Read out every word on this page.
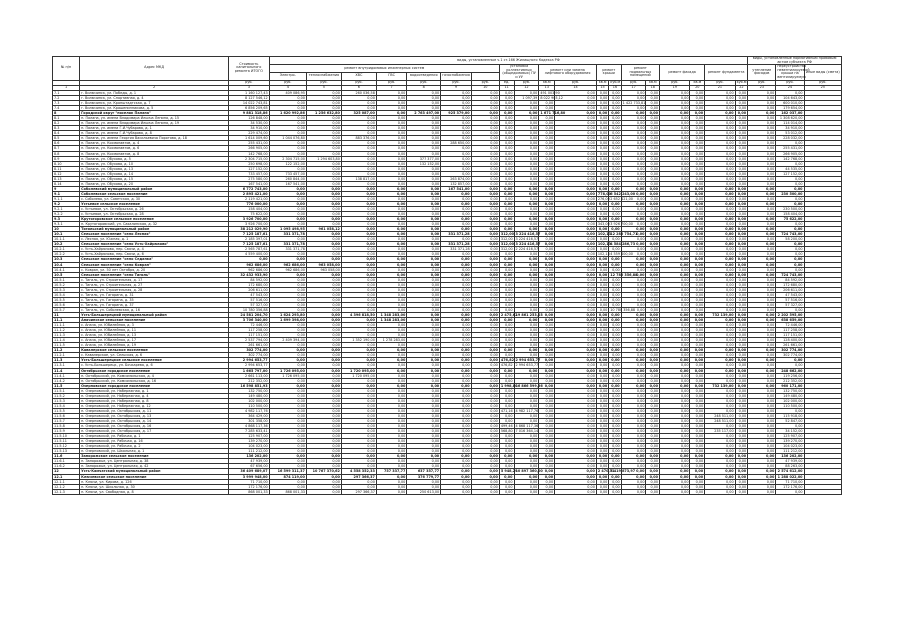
№ п/п	Адрес МКД	Стоимость капитального ремонта ИТОГО	виды, установленные ч.1 ст.166 Жилищного Кодекса РФ																			виды, установленные нормативным правовым актом субъекта РФ		
			ремонт внутридомовых инженерных систем							установка коллективных (общедомовых) ПУ и УУ		ремонт или замена лифтового оборудования		ремонт крыши		ремонт подвальных помещений		ремонт фасада		ремонт фундамента		утепление фасадов	переустройство невентилируемой крыши на вентилируемую	иные виды (смета)
			Электро-	теплоснабжения	ХВС	ГВС	водоотведения	газоснабжения																
		руб.	руб.	руб.	руб.	руб.	руб.	руб.	руб.	ед.	руб.	кв.м	руб.	кв.м	куб.м	руб.	кв.м	руб.	кв.м	руб.	куб.м	руб.	руб.	руб.
1	2	3	4	5	6	7	8	9	10	11	12	13	14	15	16	17	18	19	20	21	22	23	24	25
7.1	г. Вилючинск, ул. Победы, д. 1	1 160 127,43	409 086,95	0,00	260 036,58	0,00	0,00	0,00	0,00	0,00	0,00	491 003,90	0,00	0,00	0,00	0,00	0,00	0,00	0,00	0,00	0,00	0,00	0,00	
7.2	г. Вилючинск, ул. Спортивная, д. 4	8 127 546,12	0,00	0,00	0,00	0,00	0,00	0,00	0,00	0,00	1 097,39	8 022 903,12	0,00	0,00	0,00	0,00	0,00	0,00	0,00	0,00	0,00	0,00	104 643,00	
7.3	г. Вилючинск, ул. Кронштадтская, д. 7	14 022 743,81	0,00	0,00	0,00	0,00	0,00	0,00	0,00	0,00	0,00	0,00	0,00	0,00	0,00	1 422 733,81	0,00	0,00	0,00	0,00	0,00	0,00	600 010,00	
7.4	г. Вилючинск, ул. Крашенинникова, д. 5	6 856 209,65	0,00	0,00	0,00	0,00	0,00	0,00	0,00	0,00	0,00	0,00	0,00	0,00	0,00	0,00	0,00	0,00	0,00	0,00	0,00	0,00	179 654,00	
8	Городской округ "поселок Палана"	9 881 318,86	1 620 992,86	1 256 632,80	325 087,00	0,00	2 763 497,00	925 379,00	0,00	0,00	0,00	1 671 716,80	0,00	0,00	0,00	0,00	0,00	0,00	0,00	0,00	0,00	0,00	162 037,00	
8.1	п. Палана, ул. имени Владимира Ильича Ленина, д. 15	126 848,00	0,00	0,00	0,00	0,00	0,00	0,00	0,00	0,00	0,00	0,00	0,00	0,00	0,00	0,00	0,00	0,00	0,00	0,00	0,00	0,00	1 308 620,00	
8.2	п. Палана, ул. имени Владимира Ильича Ленина, д. 19	34 530,00	0,00	0,00	0,00	0,00	0,00	0,00	0,00	0,00	0,00	0,00	0,00	0,00	0,00	0,00	0,00	0,00	0,00	0,00	0,00	0,00	114 014,00	
8.3	п. Палана, ул. имени Г.И.Чубарова, д. 1	34 910,00	0,00	0,00	0,00	0,00	0,00	0,00	0,00	0,00	0,00	0,00	0,00	0,00	0,00	0,00	0,00	0,00	0,00	0,00	0,00	0,00	34 910,00	
8.4	п. Палана, ул. имени Г.И.Чубарова, д. 8	229 474,00	0,00	0,00	0,00	0,00	0,00	0,00	0,00	0,00	0,00	0,00	0,00	0,00	0,00	0,00	0,00	0,00	0,00	0,00	0,00	0,00	53 012,00	
8.5	п. Палана, ул. имени Георгия Васильевича Поротова, д. 18	1 614 009,60	1 044 076,80	0,00	883 376,00	0,00	0,00	0,00	0,00	0,00	0,00	0,00	0,00	0,00	0,00	0,00	0,00	0,00	0,00	0,00	0,00	0,00	228 032,00	
8.6	п. Палана, ул. Космонавтов, д. 4	255 431,00	0,00	0,00	0,00	0,00	0,00	288 650,00	0,00	0,00	0,00	0,00	0,00	0,00	0,00	0,00	0,00	0,00	0,00	0,00	0,00	0,00	0,00	
8.7	п. Палана, ул. Космонавтов, д. 6	266 905,00	0,00	0,00	0,00	0,00	0,00	0,00	0,00	0,00	0,00	0,00	0,00	0,00	0,00	0,00	0,00	0,00	0,00	0,00	0,00	0,00	255 431,00	
8.8	п. Палана, ул. Космонавтов, д. 8	142 768,00	0,00	0,00	0,00	0,00	0,00	0,00	0,00	0,00	0,00	0,00	0,00	0,00	0,00	0,00	0,00	0,00	0,00	0,00	0,00	0,00	266 905,00	
8.9	п. Палана, ул. Обухова, д. 5	2 304 715,00	2 304 715,00	1 294 603,80	0,00	0,00	377 377,00	0,00	0,00	0,00	0,00	0,00	0,00	0,00	0,00	0,00	0,00	0,00	0,00	0,00	0,00	0,00	142 768,00	
8.10	п. Палана, ул. Обухова, д. 10	250 698,00	122 152,00	0,00	0,00	0,00	132 152,00	0,00	0,00	0,00	0,00	0,00	0,00	0,00	0,00	0,00	0,00	0,00	0,00	0,00	0,00	0,00	0,00	
8.11	п. Палана, ул. Обухова, д. 13	127 152,00	0,00	0,00	0,00	0,00	0,00	0,00	0,00	0,00	0,00	0,00	0,00	0,00	0,00	0,00	0,00	0,00	0,00	0,00	0,00	0,00	44 535,00	
8.12	п. Палана, ул. Обухова, д. 14	733 457,00	733 457,00	0,00	0,00	0,00	0,00	0,00	0,00	0,00	0,00	0,00	0,00	0,00	0,00	0,00	0,00	0,00	0,00	0,00	0,00	0,00	127 152,00	
8.13	п. Палана, ул. Обухова, д. 15	275 580,00	260 844,00	0,00	138 817,00	0,00	0,00	263 874,00	0,00	0,00	0,00	0,00	0,00	0,00	0,00	0,00	0,00	0,00	0,00	0,00	0,00	0,00	0,00	
8.14	п. Палана, ул. Обухова, д. 20	167 541,00	167 541,00	0,00	0,00	0,00	0,00	132 857,00	0,00	0,00	0,00	0,00	0,00	0,00	0,00	0,00	0,00	0,00	0,00	0,00	0,00	0,00	0,00	
9	Соболевский муниципальный район	6 772 743,00	0,00	0,00	0,00	0,00	0,00	167 541,00	0,00	0,00	0,00	0,00	0,00	0,00	0,00	0,00	0,00	0,00	0,00	0,00	0,00	0,00	0,00	
9.1	Соболевское сельское поселение	2 895 421,00	0,00	0,00	0,00	0,00	0,00	0,00	0,00	0,00	0,00	0,00	0,00	778,00	6 542 243,00	0,00	0,00	0,00	0,00	0,00	0,00	0,00	230 500,00	
9.1.1	с. Соболево, ул. Советская, д. 30	2 119 421,00	0,00	0,00	0,00	0,00	0,00	0,00	0,00	0,00	0,00	0,00	0,00	276,00	2 652 421,00	0,00	0,00	0,00	0,00	0,00	0,00	0,00	0,00	
9.2	Устьевое сельское поселение	776 000,00	0,00	0,00	0,00	0,00	0,00	0,00	0,00	0,00	0,00	0,00	0,00	0,00	0,00	0,00	0,00	0,00	0,00	0,00	0,00	0,00	0,00	
9.2.1	с. Устьевое, ул. Октябрьская, д. 26	158 404,00	0,00	0,00	0,00	0,00	0,00	0,00	0,00	0,00	0,00	0,00	0,00	0,00	0,00	0,00	0,00	0,00	0,00	0,00	0,00	0,00	230 500,00	
9.2.2	с. Устьевое, ул. Октябрьская, д. 28	75 622,00	0,00	0,00	0,00	0,00	0,00	0,00	0,00	0,00	0,00	0,00	0,00	0,00	0,00	0,00	0,00	0,00	0,00	0,00	0,00	0,00	158 404,00	
9.3	Крутогоровское сельское поселение	3 926 700,00	0,00	0,00	0,00	0,00	0,00	0,00	0,00	0,00	0,00	0,00	0,00	0,00	0,00	0,00	0,00	0,00	0,00	0,00	0,00	0,00	75 622,00	
9.3.1	п. Крутогоровский, ул. Сахалинская, д. 32	3 926 700,00	0,00	0,00	0,00	0,00	0,00	0,00	0,00	0,00	0,00	0,00	0,00	343,00	3 926 700,00	0,00	0,00	0,00	0,00	0,00	0,00	0,00	0,00	
10	Тигильский муниципальный район	38 212 029,90	1 095 498,95	961 058,12	0,00	0,00	0,00	0,00	0,00	0,00	0,00	0,00	0,00	0,00	0,00	0,00	0,00	0,00	0,00	0,00	0,00	0,00	0,00	
10.1	Сельское поселение "село Лесная"	7 125 187,61	331 371,78	0,00	0,00	0,00	0,00	331 371,28	0,00	312,00	3 224 416,57	0,00	0,00	102,13	12 280 754,71	0,00	0,00	0,00	0,00	0,00	0,00	0,00	724 743,00	
10.1.1	с. Лесная, ул. Южная, д. 1	2 185 397,01	0,00	0,00	0,00	0,00	0,00	0,00	0,00	312,00	3 224 416,57	0,00	0,00	0,00	0,00	0,00	0,00	0,00	0,00	0,00	0,00	0,00	58 200,00	
10.2	Сельское поселение "село Усть-Хайрюзово"	7 125 187,61	331 371,78	0,00	0,00	0,00	0,00	331 371,28	0,00	312,00	3 224 416,57	0,00	0,00	102,13	4 584 286,73	0,00	0,00	0,00	0,00	0,00	0,00	0,00	0,00	
10.2.1	с. Усть-Хайрюзово, пер. Связи, д. 4	2 565 787,61	331 371,78	0,00	0,00	0,00	0,00	331 371,28	0,00	312,00	2 224 416,57	0,00	0,00	0,00	0,00	0,00	0,00	0,00	0,00	0,00	0,00	0,00	0,00	
10.2.2	с. Усть-Хайрюзово, пер. Связи, д. 6	4 559 400,00	0,00	0,00	0,00	0,00	0,00	0,00	0,00	0,00	0,00	0,00	0,00	102,13	4 559 400,00	0,00	0,00	0,00	0,00	0,00	0,00	0,00	0,00	
10.3	Сельское поселение "село Седанка"	0,00	0,00	0,00	0,00	0,00	0,00	0,00	0,00	0,00	0,00	0,00	0,00	0,00	0,00	0,00	0,00	0,00	0,00	0,00	0,00	0,00	0,00	
10.4	Сельское поселение "село Ковран"	962 686,00	962 686,00	963 058,00	0,00	0,00	0,00	0,00	0,00	0,00	0,00	0,00	0,00	0,00	0,00	0,00	0,00	0,00	0,00	0,00	0,00	0,00	0,00	
10.4.1	с. Ковран, ул. 50 лет Октября, д. 20	962 686,00	962 686,00	963 058,00	0,00	0,00	0,00	0,00	0,00	0,00	0,00	0,00	0,00	0,00	0,00	0,00	0,00	0,00	0,00	0,00	0,00	0,00	0,00	
10.5	Сельское поселение "село Тигиль"	32 432 933,90	0,00	0,00	0,00	0,00	0,00	0,00	0,00	0,00	0,00	0,00	0,00	0,00	12 780 356,88	0,00	0,00	0,00	0,00	0,00	0,00	0,00	724 743,00	
10.5.1	с. Тигиль, ул. Строительная, д. 17	84 592,00	0,00	0,00	0,00	0,00	0,00	0,00	0,00	0,00	0,00	0,00	0,00	0,00	0,00	0,00	0,00	0,00	0,00	0,00	0,00	0,00	84 592,00	
10.5.2	с. Тигиль, ул. Строительная, д. 27	172 680,00	0,00	0,00	0,00	0,00	0,00	0,00	0,00	0,00	0,00	0,00	0,00	0,00	0,00	0,00	0,00	0,00	0,00	0,00	0,00	0,00	172 680,00	
10.5.3	с. Тигиль, ул. Строительная, д. 28	206 611,00	0,00	0,00	0,00	0,00	0,00	0,00	0,00	0,00	0,00	0,00	0,00	0,00	0,00	0,00	0,00	0,00	0,00	0,00	0,00	0,00	206 611,00	
10.5.4	с. Тигиль, ул. Гагарина, д. 31	47 543,00	0,00	0,00	0,00	0,00	0,00	0,00	0,00	0,00	0,00	0,00	0,00	0,00	0,00	0,00	0,00	0,00	0,00	0,00	0,00	0,00	47 543,00	
10.5.5	с. Тигиль, ул. Гагарина, д. 35	57 516,00	0,00	0,00	0,00	0,00	0,00	0,00	0,00	0,00	0,00	0,00	0,00	0,00	0,00	0,00	0,00	0,00	0,00	0,00	0,00	0,00	57 516,00	
10.5.6	с. Тигиль, ул. Гагарина, д. 37	57 327,00	0,00	0,00	0,00	0,00	0,00	0,00	0,00	0,00	0,00	0,00	0,00	0,00	0,00	0,00	0,00	0,00	0,00	0,00	0,00	0,00	57 327,00	
10.5.7	с. Тигиль, ул. Соболевская, д. 16	10 780 356,88	0,00	0,00	0,00	0,00	0,00	0,00	0,00	0,00	0,00	0,00	0,00	0,00	10 780 356,88	0,00	0,00	0,00	0,00	0,00	0,00	0,00	0,00	
11	Усть-Большерецкий муниципальный район	24 581 204,70	1 624 293,80	0,00	4 396 818,50	1 348 283,00	0,00	0,00	0,00	2 475,62	19 861 253,03	0,00	0,00	0,00	0,00	0,00	0,00	0,00	0,00	732 139,00	0,00	0,00	2 202 595,00	
11.1	Апачинское сельское поселение	3 706 340,00	1 699 398,00	0,00	0,00	1 348 283,00	0,00	0,00	0,00	0,00	0,00	0,00	0,00	0,00	0,00	0,00	0,00	0,00	0,00	0,00	0,00	0,00	638 659,00	
11.1.1	с. Апача, ул. Юбилейная, д. 3	72 446,00	0,00	0,00	0,00	0,00	0,00	0,00	0,00	0,00	0,00	0,00	0,00	0,00	0,00	0,00	0,00	0,00	0,00	0,00	0,00	0,00	72 446,00	
11.1.2	с. Апача, ул. Юбилейная, д. 11	117 258,00	0,00	0,00	0,00	0,00	0,00	0,00	0,00	0,00	0,00	0,00	0,00	0,00	0,00	0,00	0,00	0,00	0,00	0,00	0,00	0,00	117 258,00	
11.1.3	с. Апача, ул. Юбилейная, д. 13	117 151,00	0,00	0,00	0,00	0,00	0,00	0,00	0,00	0,00	0,00	0,00	0,00	0,00	0,00	0,00	0,00	0,00	0,00	0,00	0,00	0,00	117 151,00	
11.1.4	с. Апача, ул. Юбилейная, д. 17	2 537 794,00	2 409 394,00	0,00	1 352 190,00	1 278 283,00	0,00	0,00	0,00	0,00	0,00	0,00	0,00	0,00	0,00	0,00	0,00	0,00	0,00	0,00	0,00	0,00	128 400,00	
11.1.5	с. Апача, ул. Юбилейная, д. 19	261 661,00	0,00	0,00	0,00	0,00	0,00	0,00	0,00	0,00	0,00	0,00	0,00	0,00	0,00	0,00	0,00	0,00	0,00	0,00	0,00	0,00	261 661,00	
11.2	Кавалерское сельское поселение	302 774,00	0,00	0,00	0,00	0,00	0,00	0,00	0,00	0,00	0,00	0,00	0,00	0,00	0,00	0,00	0,00	0,00	0,00	0,00	0,00	0,00	302 774,00	
11.2.1	с. Кавалерское, ул. Сельская, д. 6	302 774,00	0,00	0,00	0,00	0,00	0,00	0,00	0,00	0,00	0,00	0,00	0,00	0,00	0,00	0,00	0,00	0,00	0,00	0,00	0,00	0,00	302 774,00	
11.3	Усть-Большерецкое сельское поселение	2 994 653,77	0,00	0,00	0,00	0,00	0,00	0,00	0,00	476,82	2 994 653,77	0,00	0,00	0,00	0,00	0,00	0,00	0,00	0,00	0,00	0,00	0,00	0,00	
11.3.1	с. Усть-Большерецк, ул. Бочкарева, д. 6	2 994 653,77	0,00	0,00	0,00	0,00	0,00	0,00	0,00	476,82	2 994 653,77	0,00	0,00	0,00	0,00	0,00	0,00	0,00	0,00	0,00	0,00	0,00	0,00	
11.4	Октябрьское городское поселение	1 665 797,00	1 726 095,00	0,00	1 720 095,00	0,00	0,00	0,00	0,00	0,00	0,00	0,00	0,00	0,00	0,00	0,00	0,00	0,00	0,00	0,00	0,00	0,00	248 662,00	
11.4.1	п. Октябрьский, ул. Комсомольская, д. 4	2 661 113,00	1 726 095,00	0,00	1 720 095,00	0,00	0,00	0,00	0,00	0,00	0,00	0,00	0,00	0,00	0,00	0,00	0,00	0,00	0,00	0,00	0,00	0,00	119 256,00	
11.4.2	п. Октябрьский, ул. Комсомольская, д. 16	212 352,00	0,00	0,00	0,00	0,00	0,00	0,00	0,00	0,00	0,00	0,00	0,00	0,00	0,00	0,00	0,00	0,00	0,00	0,00	0,00	0,00	212 352,00	
11.5	Озерновское городское поселение	16 598 851,93	0,00	0,00	0,00	0,00	0,00	0,00	0,00	1 998,80	16 866 599,26	0,00	0,00	0,00	0,00	0,00	0,00	0,00	0,00	732 139,00	0,00	0,00	960 171,00	
11.5.1	п. Озерновский, ул. Набережная, д. 1	132 750,00	0,00	0,00	0,00	0,00	0,00	0,00	0,00	0,00	0,00	0,00	0,00	0,00	0,00	0,00	0,00	0,00	0,00	0,00	0,00	0,00	132 750,00	
11.5.2	п. Озерновский, ул. Набережная, д. 4	149 480,00	0,00	0,00	0,00	0,00	0,00	0,00	0,00	0,00	0,00	0,00	0,00	0,00	0,00	0,00	0,00	0,00	0,00	0,00	0,00	0,00	149 480,00	
11.5.3	п. Озерновский, ул. Набережная, д. 8	102 000,00	0,00	0,00	0,00	0,00	0,00	0,00	0,00	0,00	0,00	0,00	0,00	0,00	0,00	0,00	0,00	0,00	0,00	0,00	0,00	0,00	102 000,00	
11.5.4	п. Озерновский, ул. Набережная, д. 12	110 500,00	0,00	0,00	0,00	0,00	0,00	0,00	0,00	0,00	0,00	0,00	0,00	0,00	0,00	0,00	0,00	0,00	0,00	0,00	0,00	0,00	110 500,00	
11.5.5	п. Озерновский, ул. Октябрьская, д. 11	4 982 117,76	0,00	0,00	0,00	0,00	0,00	0,00	0,00	471,16	4 982 117,76	0,00	0,00	0,00	0,00	0,00	0,00	0,00	0,00	0,00	0,00	0,00	0,00	
11.5.6	п. Озерновский, ул. Октябрьская, д. 13	364 429,00	0,00	0,00	0,00	0,00	0,00	0,00	0,00	0,00	0,00	0,00	0,00	0,00	0,00	0,00	0,00	0,00	0,00	248 511,00	0,00	0,00	115 918,00	
11.5.7	п. Озерновский, ул. Октябрьская, д. 14	301 358,00	0,00	0,00	0,00	0,00	0,00	0,00	0,00	0,00	0,00	0,00	0,00	0,00	0,00	0,00	0,00	0,00	0,00	248 511,00	0,00	0,00	52 847,00	
11.5.8	п. Озерновский, ул. Октябрьская, д. 16	4 868 117,36	0,00	0,00	0,00	0,00	0,00	0,00	0,00	499,46	4 868 117,36	0,00	0,00	0,00	0,00	0,00	0,00	0,00	0,00	0,00	0,00	0,00	0,00	
11.5.9	п. Озерновский, ул. Октябрьская, д. 17	7 285 633,41	0,00	0,00	0,00	0,00	0,00	0,00	0,00	568,80	7 016 364,14	0,00	0,00	0,00	0,00	0,00	0,00	0,00	0,00	235 117,00	0,00	0,00	34 152,00	
11.5.10	п. Озерновский, ул. Рабочая, д. 1	125 907,00	0,00	0,00	0,00	0,00	0,00	0,00	0,00	0,00	0,00	0,00	0,00	0,00	0,00	0,00	0,00	0,00	0,00	0,00	0,00	0,00	125 907,00	
11.5.11	п. Озерновский, ул. Рабочая, д. 16	139 270,00	0,00	0,00	0,00	0,00	0,00	0,00	0,00	0,00	0,00	0,00	0,00	0,00	0,00	0,00	0,00	0,00	0,00	0,00	0,00	0,00	139 270,00	
11.5.12	п. Озерновский, ул. Рабочая, д. 2	104 023,00	0,00	0,00	0,00	0,00	0,00	0,00	0,00	0,00	0,00	0,00	0,00	0,00	0,00	0,00	0,00	0,00	0,00	0,00	0,00	0,00	104 023,00	
11.5.13	п. Озерновский, ул. Школьная, д. 1	111 212,00	0,00	0,00	0,00	0,00	0,00	0,00	0,00	0,00	0,00	0,00	0,00	0,00	0,00	0,00	0,00	0,00	0,00	0,00	0,00	0,00	111 212,00	
11.6	Запорожское сельское поселение	136 202,00	0,00	0,00	0,00	0,00	0,00	0,00	0,00	0,00	0,00	0,00	0,00	0,00	0,00	0,00	0,00	0,00	0,00	0,00	0,00	0,00	136 202,00	
11.6.1	п. Запорожье, ул. Центральная, д. 38	47 939,00	0,00	0,00	0,00	0,00	0,00	0,00	0,00	0,00	0,00	0,00	0,00	0,00	0,00	0,00	0,00	0,00	0,00	0,00	0,00	0,00	47 939,00	
11.6.2	п. Запорожье, ул. Центральная, д. 42	67 656,00	0,00	0,00	0,00	0,00	0,00	0,00	0,00	0,00	0,00	0,00	0,00	0,00	0,00	0,00	0,00	0,00	0,00	0,00	0,00	0,00	88 263,00	
12	Усть-Камчатский муниципальный район	36 409 689,07	16 599 311,37	10 767 370,62	4 558 352,33	757 337,77	637 357,77	0,00	0,00	5 948,29	10 897 360,00	0,00	0,00	2 470,71	6 419 873,97	0,00	0,00	0,00	0,00	0,00	0,00	0,00	2 574 612,00	
12.1	Ключевское сельское поселение	3 999 948,00	874 119,00	0,00	297 366,37	0,00	376 779,77	0,00	0,00	0,00	0,00	0,00	0,00	0,00	0,00	0,00	0,00	0,00	0,00	0,00	0,00	0,00	1 288 022,00	
12.1.1	п. Ключи, ул. Кирова, д. 126	71 710,00	0,00	0,00	0,00	0,00	0,00	0,00	0,00	0,00	0,00	0,00	0,00	0,00	0,00	0,00	0,00	0,00	0,00	0,00	0,00	0,00	71 710,00	
12.1.2	п. Ключи, ул. Школьная, д. 30	172 176,00	0,00	0,00	0,00	0,00	0,00	0,00	0,00	0,00	0,00	0,00	0,00	0,00	0,00	0,00	0,00	0,00	0,00	0,00	0,00	0,00	172 176,00	
12.1.3	п. Ключи, ул. Свободная, д. 8	868 001,33	868 001,33	0,00	297 366,37	0,00	250 613,00	0,00	0,00	0,00	0,00	0,00	0,00	0,00	0,00	0,00	0,00	0,00	0,00	0,00	0,00	0,00	0,00	
